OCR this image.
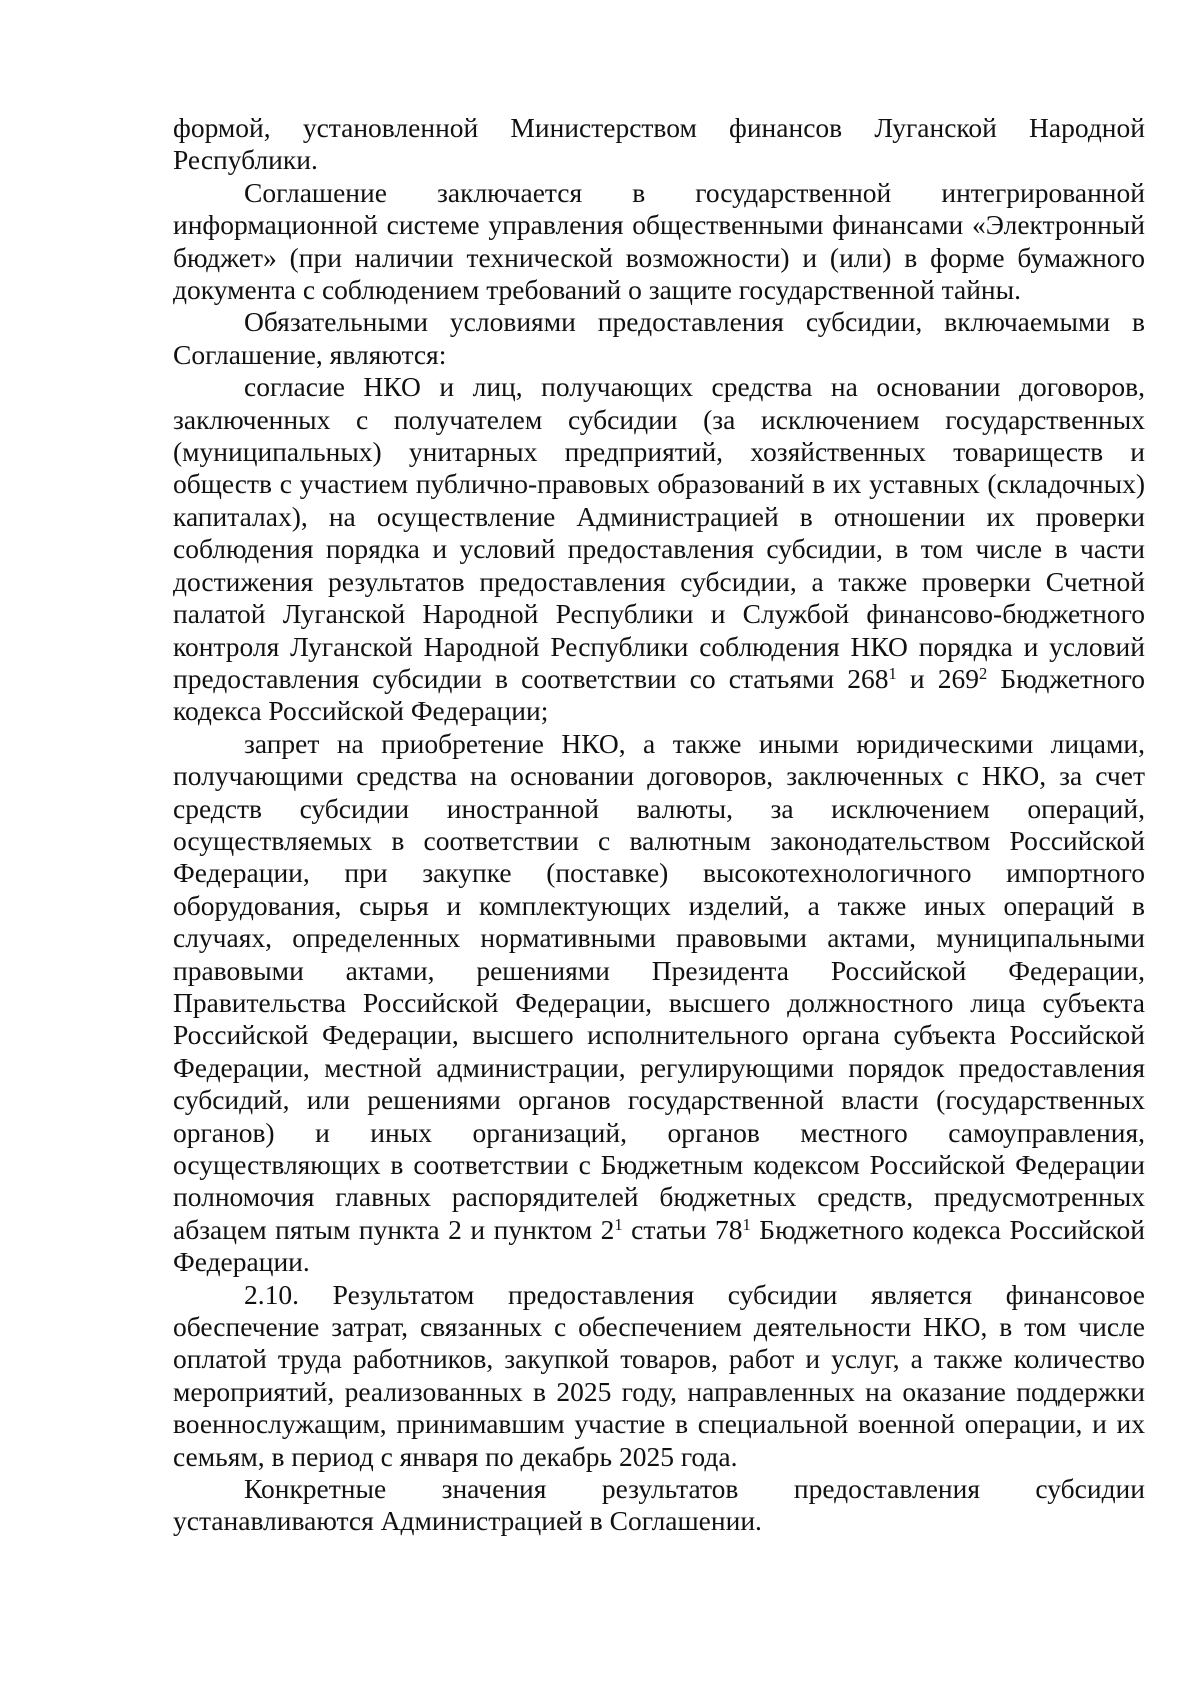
формой, установленной Министерством финансов Луганской Народной Республики.

Соглашение заключается в государственной интегрированной информационной системе управления общественными финансами «Электронный бюджет» (при наличии технической возможности) и (или) в форме бумажного документа с соблюдением требований о защите государственной тайны.

Обязательными условиями предоставления субсидии, включаемыми в Соглашение, являются:

согласие НКО и лиц, получающих средства на основании договоров, заключенных с получателем субсидии (за исключением государственных (муниципальных) унитарных предприятий, хозяйственных товариществ и обществ с участием публично-правовых образований в их уставных (складочных) капиталах), на осуществление Администрацией в отношении их проверки соблюдения порядка и условий предоставления субсидии, в том числе в части достижения результатов предоставления субсидии, а также проверки Счетной палатой Луганской Народной Республики и Службой финансово-бюджетного контроля Луганской Народной Республики соблюдения НКО порядка и условий предоставления субсидии в соответствии со статьями $268^1$ и $269^2$ Бюджетного кодекса Российской Федерации;

запрет на приобретение НКО, а также иными юридическими лицами, получающими средства на основании договоров, заключенных с НКО, за счет средств субсидии иностранной валюты, за исключением операций, осуществляемых в соответствии с валютным законодательством Российской Федерации, при закупке (поставке) высокотехнологичного импортного оборудования, сырья и комплектующих изделий, а также иных операций в случаях, определенных нормативными правовыми актами, муниципальными правовыми актами, решениями Президента Российской Федерации, Правительства Российской Федерации, высшего должностного лица субъекта Российской Федерации, высшего исполнительного органа субъекта Российской Федерации, местной администрации, регулирующими порядок предоставления субсидий, или решениями органов государственной власти (государственных органов) и иных организаций, органов местного самоуправления, осуществляющих в соответствии с Бюджетным кодексом Российской Федерации полномочия главных распорядителей бюджетных средств, предусмотренных абзацем пятым пункта 2 и пунктом $2^1$ статьи $78^1$ Бюджетного кодекса Российской Федерации.

2.10. Результатом предоставления субсидии является финансовое обеспечение затрат, связанных с обеспечением деятельности НКО, в том числе оплатой труда работников, закупкой товаров, работ и услуг, а также количество мероприятий, реализованных в 2025 году, направленных на оказание поддержки военнослужащим, принимавшим участие в специальной военной операции, и их семьям, в период с января по декабрь 2025 года.

Конкретные значения результатов предоставления субсидии устанавливаются Администрацией в Соглашении.
